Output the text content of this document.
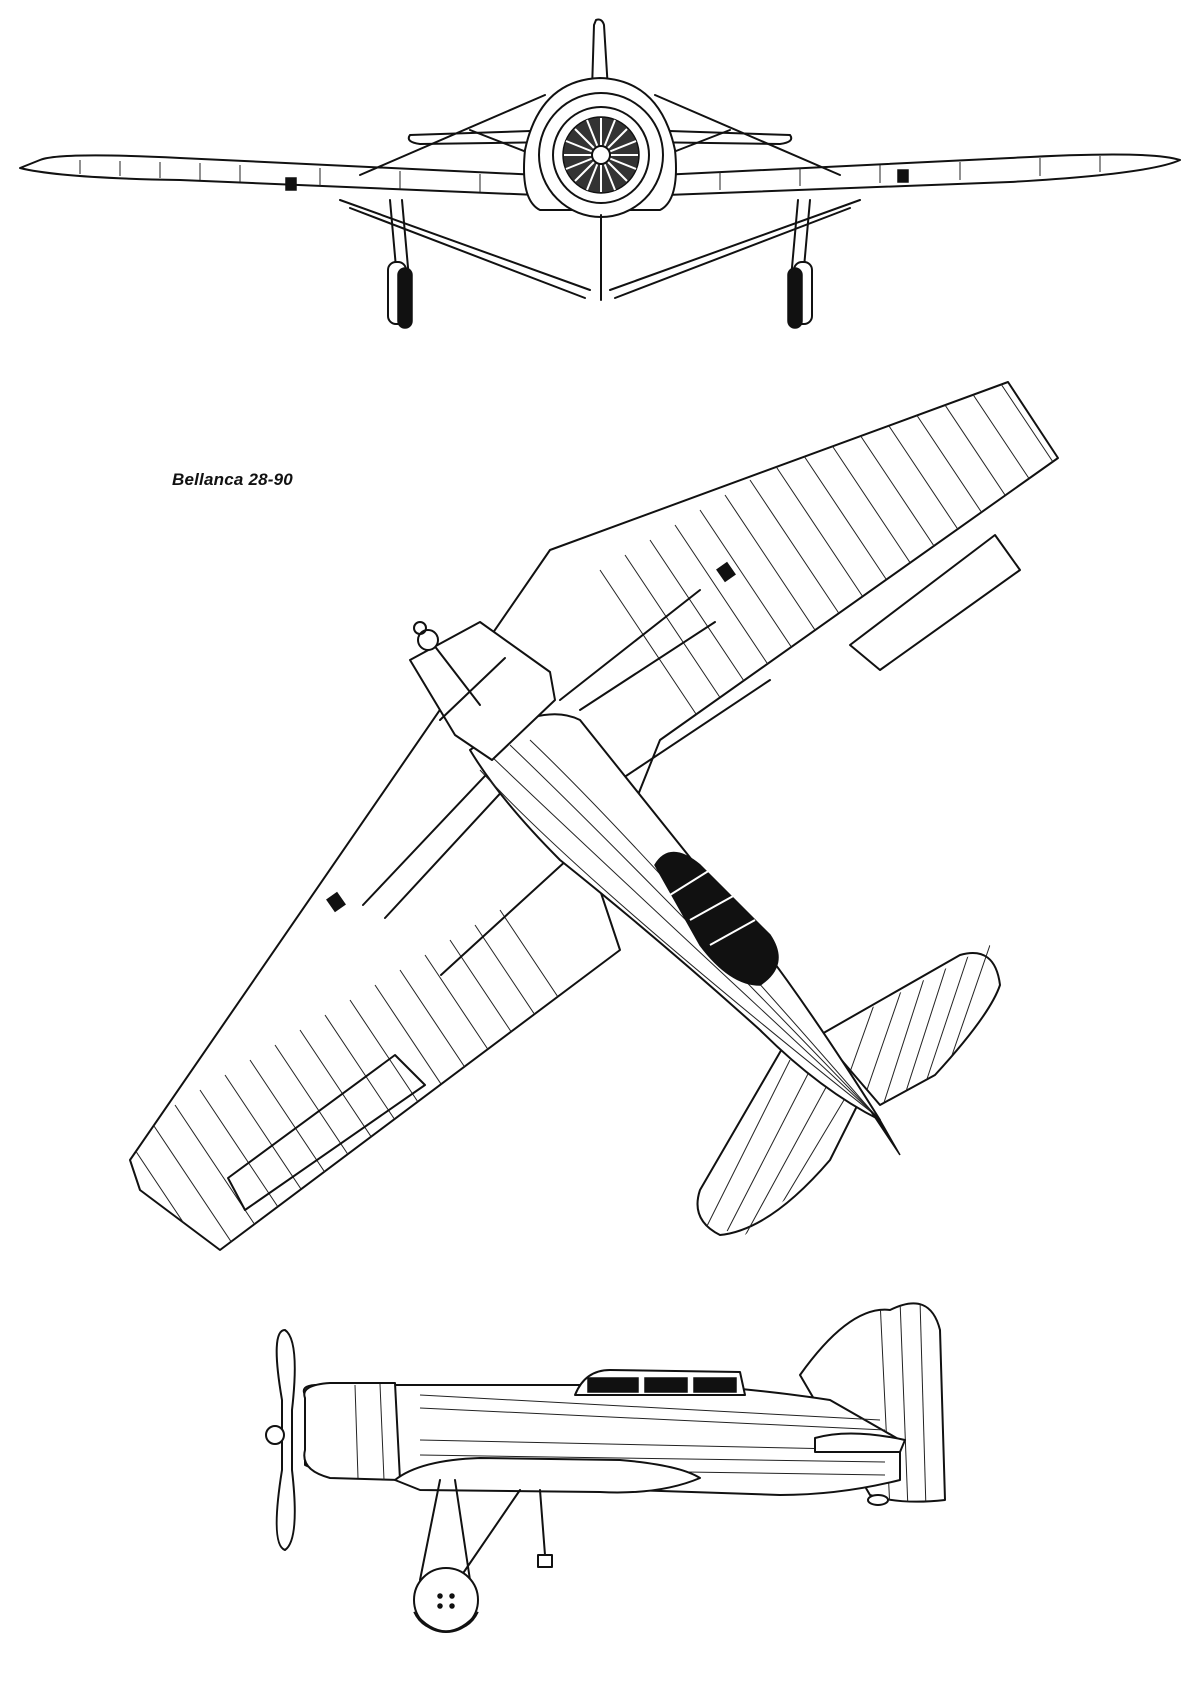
Bellanca 28-90
